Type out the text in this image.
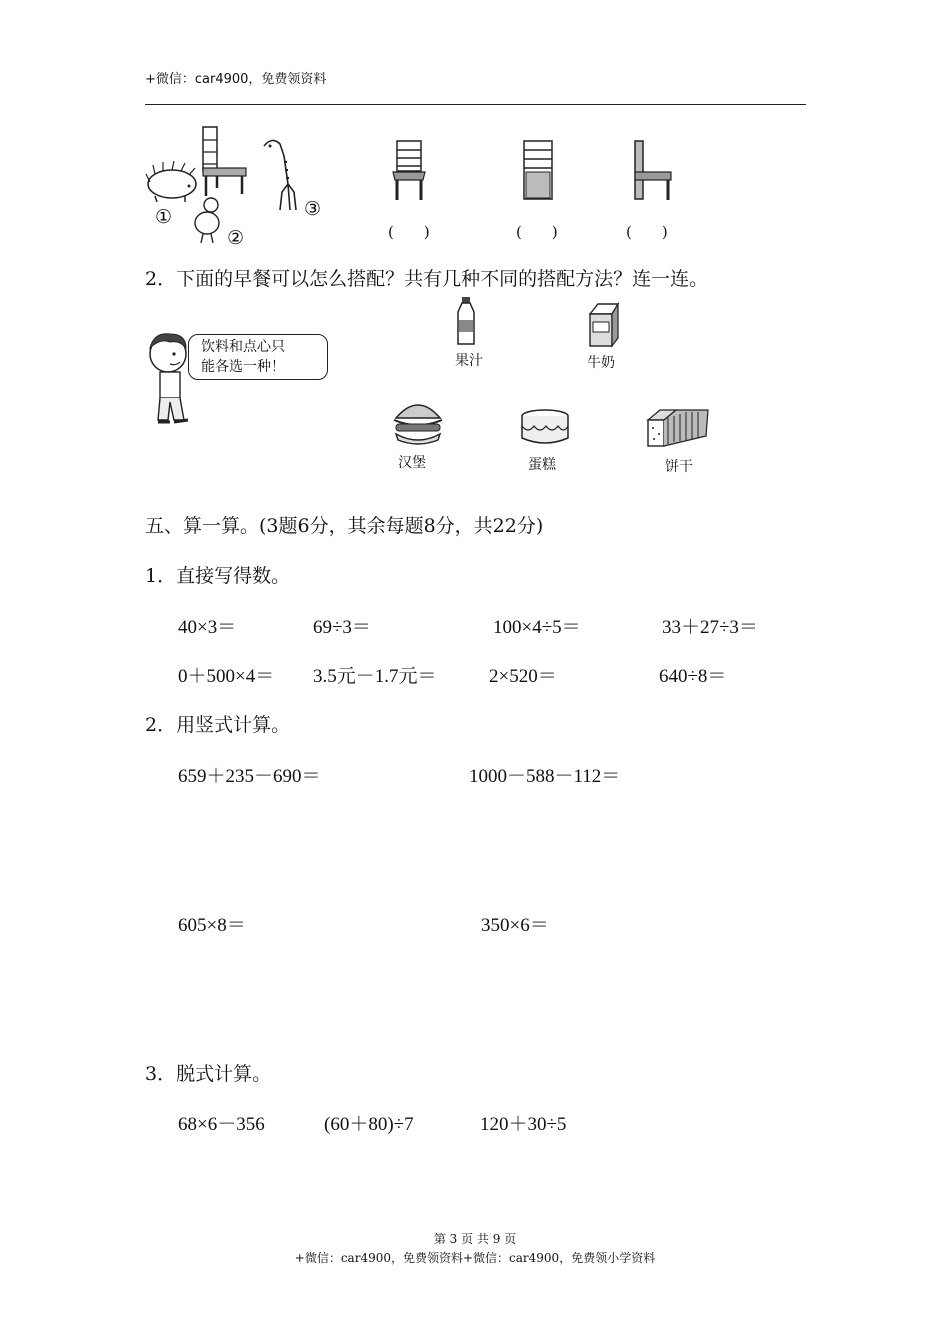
+微信：car4900，免费领资料
①
②
③
(　　)	(　　)	(　　)
2．下面的早餐可以怎么搭配？共有几种不同的搭配方法？连一连。
饮料和点心只
能各选一种！	果汁	牛奶
汉堡	蛋糕	饼干
五、算一算。(3题6分，其余每题8分，共22分)
1．直接写得数。
40×3＝	69÷3＝	100×4÷5＝	33＋27÷3＝
0＋500×4＝ 3.5元－1.7元＝	2×520＝	640÷8＝
2．用竖式计算。
659＋235－690＝	1000－588－112＝
605×8＝	350×6＝
3．脱式计算。
68×6－356	(60＋80)÷7	120＋30÷5
第 3 页 共 9 页
+微信：car4900，免费领资料+微信：car4900，免费领小学资料
